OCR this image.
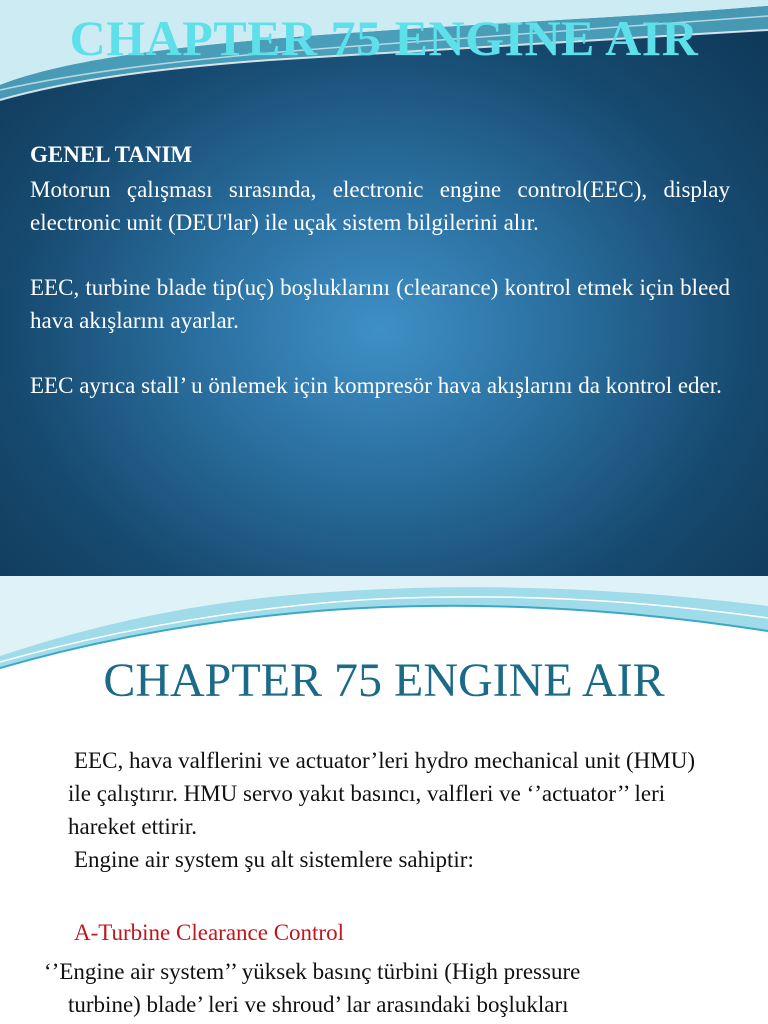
CHAPTER 75 ENGINE AIR
GENEL TANIM

Motorun çalışması sırasında, electronic engine control(EEC), display electronic unit (DEU'lar) ile uçak sistem bilgilerini alır.

EEC, turbine blade tip(uç) boşluklarını (clearance) kontrol etmek için bleed hava akışlarını ayarlar.

EEC ayrıca stall’ u önlemek için kompresör hava akışlarını da kontrol eder.

CHAPTER 75 ENGINE AIR
EEC, hava valflerini ve actuator’leri hydro mechanical unit (HMU) ile çalıştırır. HMU servo yakıt basıncı, valfleri ve ‘’actuator’’ leri hareket ettirir.
Engine air system şu alt sistemlere sahiptir:
A-Turbine Clearance Control
‘’Engine air system’’ yüksek basınç türbini (High pressure
turbine) blade’ leri ve shroud’ lar arasındaki boşlukları
